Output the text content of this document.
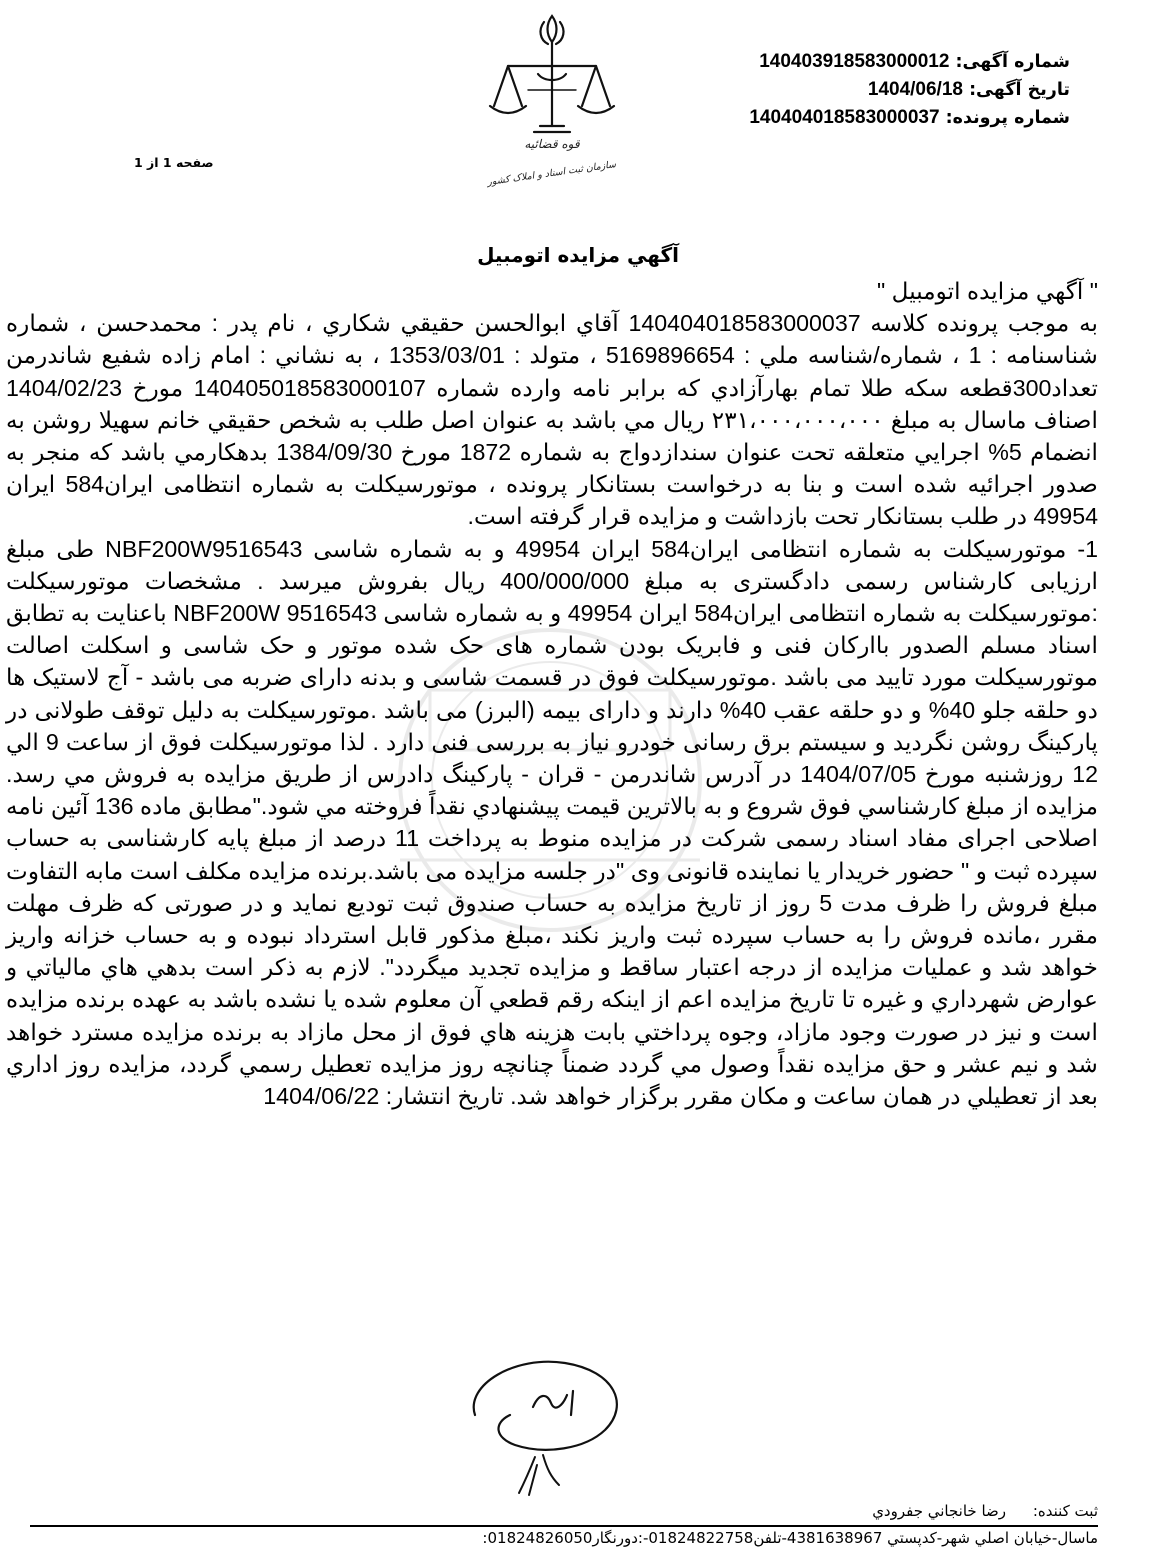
قوه قضائیه
سازمان ثبت اسناد و املاک کشور
شماره آگهی: 140403918583000012
تاریخ آگهی: 1404/06/18
شماره پرونده: 140404018583000037
صفحه 1 از 1
آگهي مزايده اتومبيل

" آگهي مزايده اتومبيل "

به موجب پرونده كلاسه 140404018583000037 آقاي ابوالحسن حقيقي شكاري ، نام پدر : محمدحسن ، شماره شناسنامه : 1 ، شماره/شناسه ملي : 5169896654 ، متولد : 1353/03/01 ، به نشاني : امام زاده شفيع شاندرمن تعداد300قطعه سكه طلا تمام بهارآزادي كه برابر نامه وارده شماره 140405018583000107 مورخ 1404/02/23 اصناف ماسال به مبلغ ۲۳۱،۰۰۰،۰۰۰،۰۰۰ ريال مي باشد به عنوان اصل طلب به شخص حقيقي خانم سهيلا روشن به انضمام 5% اجرايي متعلقه تحت عنوان سندازدواج به شماره 1872 مورخ 1384/09/30 بدهكارمي باشد كه منجر به صدور اجرائيه شده است و بنا به درخواست بستانكار پرونده ، موتورسیکلت به شماره انتظامی ایران584 ایران 49954 در طلب بستانكار تحت بازداشت و مزايده قرار گرفته است.

1- موتورسیکلت به شماره انتظامی ایران584 ایران 49954 و به شماره شاسی NBF200W9516543 طی مبلغ ارزیابی کارشناس رسمی دادگستری به مبلغ 400/000/000 ریال بفروش میرسد . مشخصات موتورسیکلت :موتورسیکلت به شماره انتظامی ایران584 ایران 49954 و به شماره شاسی NBF200W 9516543 باعنایت به تطابق اسناد مسلم الصدور باارکان فنی و فابریک بودن شماره های حک شده موتور و حک شاسی و اسکلت اصالت موتورسیکلت مورد تایید می باشد .موتورسیکلت فوق در قسمت شاسی و بدنه دارای ضربه می باشد - آج لاستیک ها دو حلقه جلو 40% و دو حلقه عقب 40% دارند و دارای بیمه (البرز) می باشد .موتورسیکلت به دلیل توقف طولانی در پارکینگ روشن نگردید و سیستم برق رسانی خودرو نیاز به بررسی فنی دارد . لذا موتورسیکلت فوق از ساعت 9 الي 12 روزشنبه مورخ 1404/07/05 در آدرس شاندرمن - قران - پارکینگ دادرس از طريق مزايده به فروش مي رسد. مزايده از مبلغ كارشناسي فوق شروع و به بالاترين قيمت پيشنهادي نقداً فروخته مي شود."مطابق ماده 136 آئین نامه اصلاحی اجرای مفاد اسناد رسمی شرکت در مزایده منوط به پرداخت 11 درصد از مبلغ پایه کارشناسی به حساب سپرده ثبت و " حضور خریدار یا نماینده قانونی وی "در جلسه مزایده می باشد.برنده مزایده مکلف است مابه التفاوت مبلغ فروش را ظرف مدت 5 روز از تاریخ مزایده به حساب صندوق ثبت تودیع نماید و در صورتی که ظرف مهلت مقرر ،مانده فروش را به حساب سپرده ثبت واریز نکند ،مبلغ مذکور قابل استرداد نبوده و به حساب خزانه واریز خواهد شد و عملیات مزایده از درجه اعتبار ساقط و مزایده تجدید میگردد". لازم به ذكر است بدهي هاي مالياتي و عوارض شهرداري و غيره تا تاريخ مزايده اعم از اينكه رقم قطعي آن معلوم شده يا نشده باشد به عهده برنده مزايده است و نيز در صورت وجود مازاد، وجوه پرداختي بابت هزينه هاي فوق از محل مازاد به برنده مزايده مسترد خواهد شد و نيم عشر و حق مزايده نقداً وصول مي گردد ضمناً چنانچه روز مزايده تعطيل رسمي گردد، مزايده روز اداري بعد از تعطيلي در همان ساعت و مكان مقرر برگزار خواهد شد. تاریخ انتشار: 1404/06/22

ثبت کننده: رضا خانجاني جفرودي
ماسال-خيابان اصلي شهر-كدپستي 4381638967-تلفن01824822758-:دورنگار01824826050:
